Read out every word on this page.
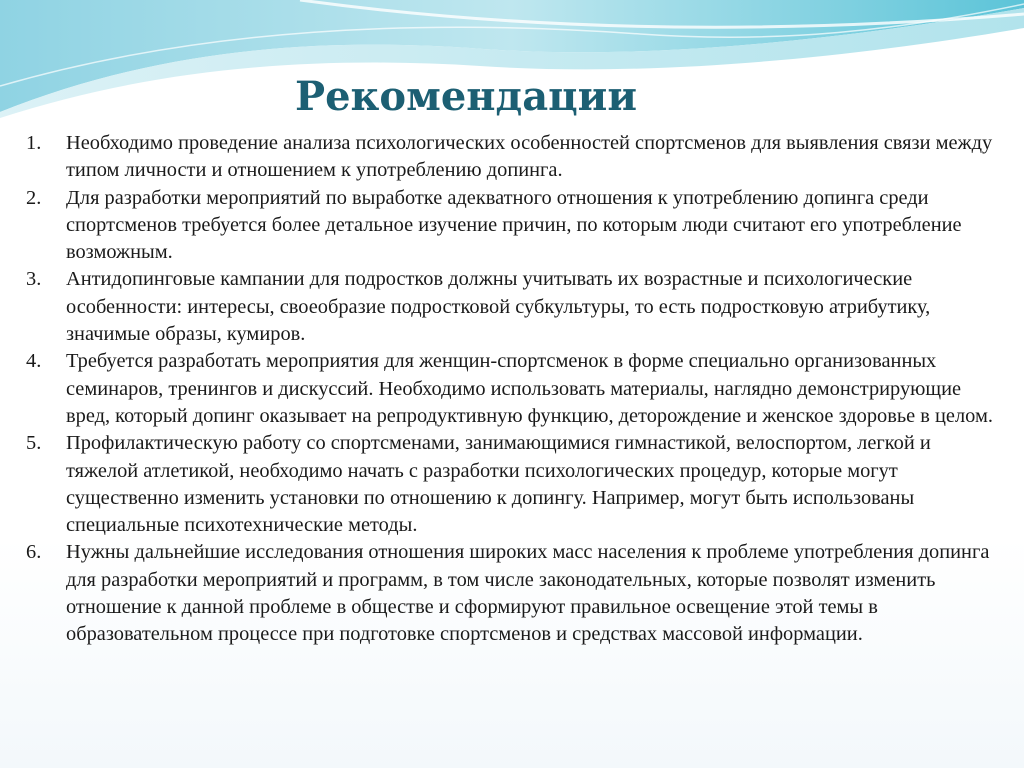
Рекомендации
1. Необходимо проведение анализа психологических особенностей спортсменов для выявления связи между типом личности и отношением к употреблению допинга.
2. Для разработки мероприятий по выработке адекватного отношения к употреблению допинга среди спортсменов требуется более детальное изучение причин, по которым люди считают его употребление возможным.
3. Антидопинговые кампании для подростков должны учитывать их возрастные и психологические особенности: интересы, своеобразие подростковой субкультуры, то есть подростковую атрибутику, значимые образы, кумиров.
4. Требуется разработать мероприятия для женщин-спортсменок в форме специально организованных семинаров, тренингов и дискуссий. Необходимо использовать материалы, наглядно демонстрирующие вред, который допинг оказывает на репродуктивную функцию, деторождение и женское здоровье в целом.
5. Профилактическую работу со спортсменами, занимающимися гимнастикой, велоспортом, легкой и тяжелой атлетикой, необходимо начать с разработки психологических процедур, которые могут существенно изменить установки по отношению к допингу. Например, могут быть использованы специальные психотехнические методы.
6. Нужны дальнейшие исследования отношения широких масс населения к проблеме употребления допинга для разработки мероприятий и программ, в том числе законодательных, которые позволят изменить отношение к данной проблеме в обществе и сформируют правильное освещение этой темы в образовательном процессе при подготовке спортсменов и средствах массовой информации.
